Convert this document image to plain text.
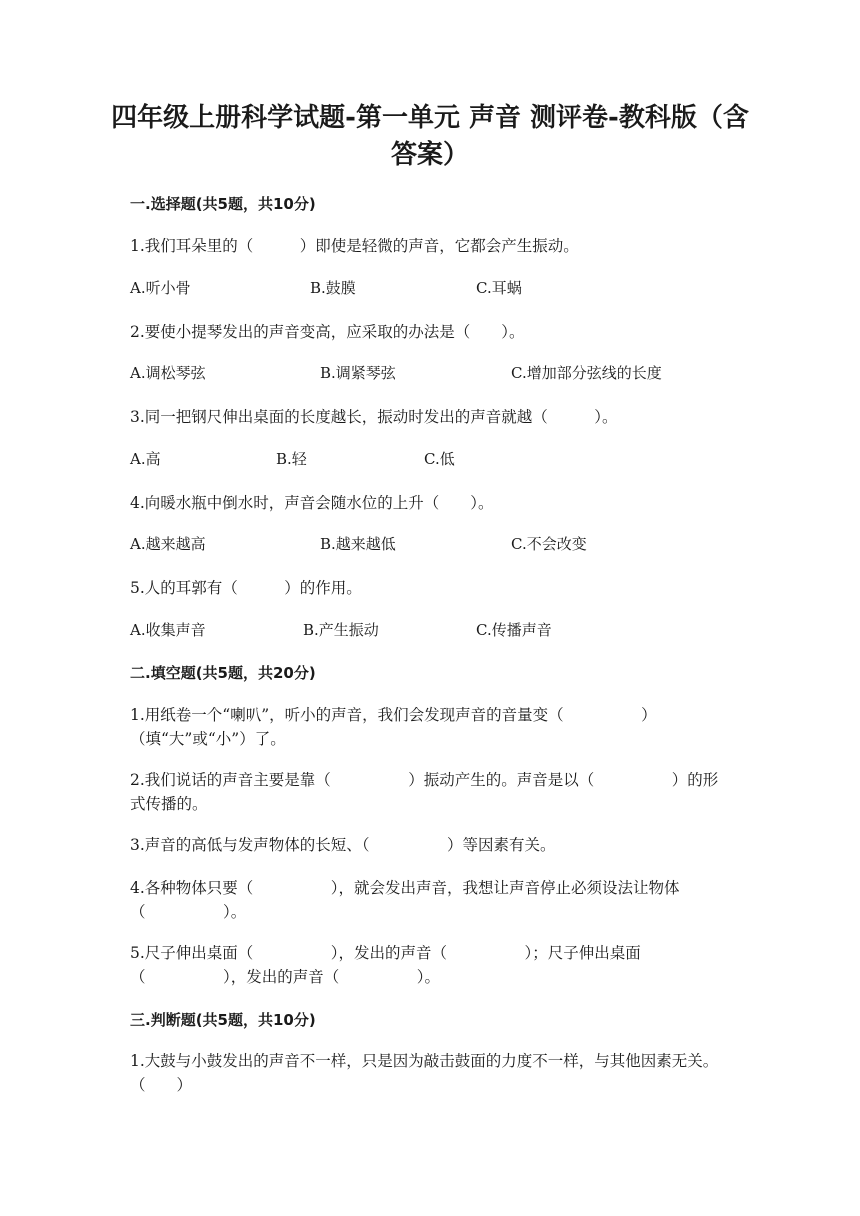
四年级上册科学试题-第一单元 声音 测评卷-教科版（含答案）
一.选择题(共5题，共10分)
1.我们耳朵里的（　　　）即使是轻微的声音，它都会产生振动。
A.听小骨	B.鼓膜	C.耳蜗
2.要使小提琴发出的声音变高，应采取的办法是（　　）。
A.调松琴弦	B.调紧琴弦	C.增加部分弦线的长度
3.同一把钢尺伸出桌面的长度越长，振动时发出的声音就越（　　　）。
A.高	B.轻	C.低
4.向暖水瓶中倒水时，声音会随水位的上升（　　）。
A.越来越高	B.越来越低	C.不会改变
5.人的耳郭有（　　　）的作用。
A.收集声音	B.产生振动	C.传播声音
二.填空题(共5题，共20分)
1.用纸卷一个“喇叭”，听小的声音，我们会发现声音的音量变（　　　　　）（填“大”或“小”）了。
2.我们说话的声音主要是靠（　　　　　）振动产生的。声音是以（　　　　　）的形式传播的。
3.声音的高低与发声物体的长短、（　　　　　）等因素有关。
4.各种物体只要（　　　　　），就会发出声音，我想让声音停止必须设法让物体（　　　　　）。
5.尺子伸出桌面（　　　　　），发出的声音（　　　　　）；尺子伸出桌面（　　　　　），发出的声音（　　　　　）。
三.判断题(共5题，共10分)
1.大鼓与小鼓发出的声音不一样，只是因为敲击鼓面的力度不一样，与其他因素无关。（　　）
